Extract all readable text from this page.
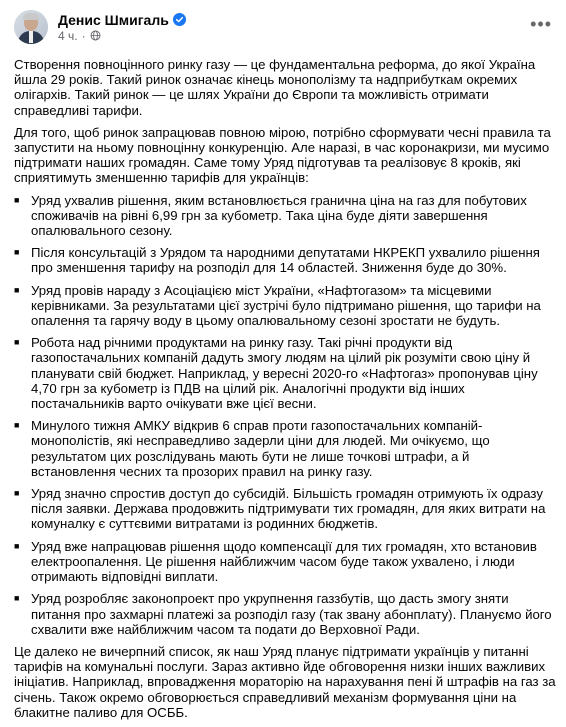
Денис Шмигаль
4 ч. ·
•••

Створення повноцінного ринку газу — це фундаментальна реформа, до якої Україна йшла 29 років. Такий ринок означає кінець монополізму та надприбуткам окремих олігархів. Такий ринок — це шлях України до Європи та можливість отримати справедливі тарифи.

Для того, щоб ринок запрацював повною мірою, потрібно сформувати чесні правила та запустити на ньому повноцінну конкуренцію. Але наразі, в час коронакризи, ми мусимо підтримати наших громадян. Саме тому Уряд підготував та реалізовує 8 кроків, які сприятимуть зменшенню тарифів для українців:

■ Уряд ухвалив рішення, яким встановлюється гранична ціна на газ для побутових споживачів на рівні 6,99 грн за кубометр. Така ціна буде діяти завершення опалювального сезону.
■ Після консультацій з Урядом та народними депутатами НКРЕКП ухвалило рішення про зменшення тарифу на розподіл для 14 областей. Зниження буде до 30%.
■ Уряд провів нараду з Асоціацією міст України, «Нафтогазом» та місцевими керівниками. За результатами цієї зустрічі було підтримано рішення, що тарифи на опалення та гарячу воду в цьому опалювальному сезоні зростати не будуть.
■ Робота над річними продуктами на ринку газу. Такі річні продукти від газопостачальних компаній дадуть змогу людям на цілий рік розуміти свою ціну й планувати свій бюджет. Наприклад, у вересні 2020-го «Нафтогаз» пропонував ціну 4,70 грн за кубометр із ПДВ на цілий рік. Аналогічні продукти від інших постачальників варто очікувати вже цієї весни.
■ Минулого тижня АМКУ відкрив 6 справ проти газопостачальних компаній-монополістів, які несправедливо задерли ціни для людей. Ми очікуємо, що результатом цих розслідувань мають бути не лише точкові штрафи, а й встановлення чесних та прозорих правил на ринку газу.
■ Уряд значно спростив доступ до субсидій. Більшість громадян отримують їх одразу після заявки. Держава продовжить підтримувати тих громадян, для яких витрати на комуналку є суттєвими витратами із родинних бюджетів.
■ Уряд вже напрацював рішення щодо компенсації для тих громадян, хто встановив електроопалення. Це рішення найближчим часом буде також ухвалено, і люди отримають відповідні виплати.
■ Уряд розробляє законопроект про укрупнення газзбутів, що дасть змогу зняти питання про захмарні платежі за розподіл газу (так звану абонплату). Плануємо його схвалити вже найближчим часом та подати до Верховної Ради.

Це далеко не вичерпний список, як наш Уряд планує підтримати українців у питанні тарифів на комунальні послуги. Зараз активно йде обговорення низки інших важливих ініціатив. Наприклад, впровадження мораторію на нарахування пені й штрафів на газ за січень. Також окремо обговорюється справедливий механізм формування ціни на блакитне паливо для ОСББ.
